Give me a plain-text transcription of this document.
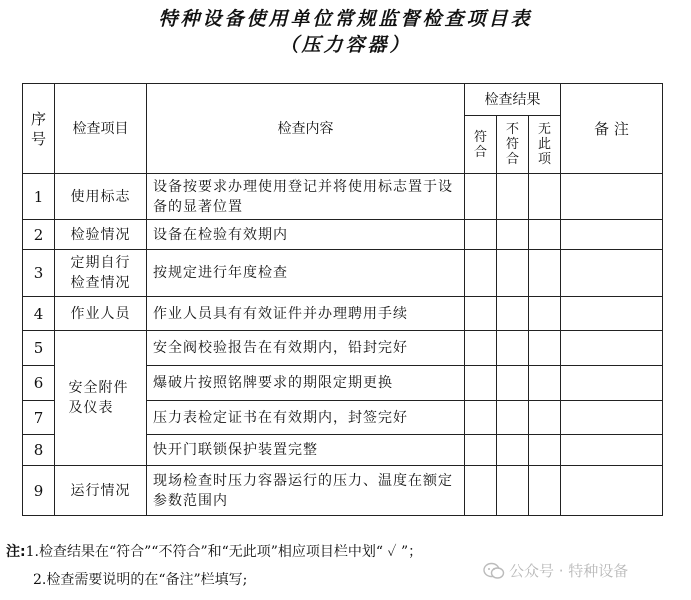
特种设备使用单位常规监督检查项目表
（压力容器）
序号	检查项目	检查内容	检查结果			备 注
			符合	不符合	无此项	
1	使用标志	设备按要求办理使用登记并将使用标志置于设备的显著位置				
2	检验情况	设备在检验有效期内				
3	定期自行检查情况	按规定进行年度检查				
4	作业人员	作业人员具有有效证件并办理聘用手续				
5	安全附件及仪表	安全阀校验报告在有效期内，铅封完好				
6		爆破片按照铭牌要求的期限定期更换				
7		压力表检定证书在有效期内，封签完好				
8		快开门联锁保护装置完整				
9	运行情况	现场检查时压力容器运行的压力、温度在额定参数范围内				
注:1.检查结果在“符合”“不符合”和“无此项”相应项目栏中划“ ✓ ”；
2.检查需要说明的在“备注”栏填写;	公众号 · 特种设备
